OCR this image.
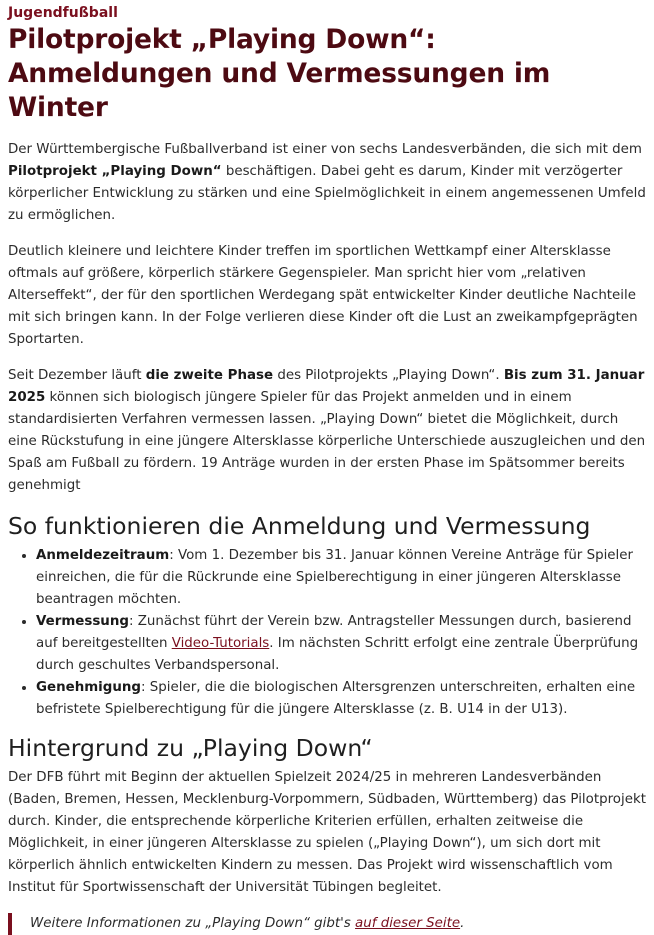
Jugendfußball
Pilotprojekt „Playing Down“: Anmeldungen und Vermessungen im Winter

Der Württembergische Fußballverband ist einer von sechs Landesverbänden, die sich mit dem Pilotprojekt „Playing Down“ beschäftigen. Dabei geht es darum, Kinder mit verzögerter körperlicher Entwicklung zu stärken und eine Spielmöglichkeit in einem angemessenen Umfeld zu ermöglichen.

Deutlich kleinere und leichtere Kinder treffen im sportlichen Wettkampf einer Altersklasse oftmals auf größere, körperlich stärkere Gegenspieler. Man spricht hier vom „relativen Alterseffekt“, der für den sportlichen Werdegang spät entwickelter Kinder deutliche Nachteile mit sich bringen kann. In der Folge verlieren diese Kinder oft die Lust an zweikampfgeprägten Sportarten.

Seit Dezember läuft die zweite Phase des Pilotprojekts „Playing Down“. Bis zum 31. Januar 2025 können sich biologisch jüngere Spieler für das Projekt anmelden und in einem standardisierten Verfahren vermessen lassen. „Playing Down“ bietet die Möglichkeit, durch eine Rückstufung in eine jüngere Altersklasse körperliche Unterschiede auszugleichen und den Spaß am Fußball zu fördern. 19 Anträge wurden in der ersten Phase im Spätsommer bereits genehmigt

So funktionieren die Anmeldung und Vermessung
• Anmeldezeitraum: Vom 1. Dezember bis 31. Januar können Vereine Anträge für Spieler einreichen, die für die Rückrunde eine Spielberechtigung in einer jüngeren Altersklasse beantragen möchten.
• Vermessung: Zunächst führt der Verein bzw. Antragsteller Messungen durch, basierend auf bereitgestellten Video-Tutorials. Im nächsten Schritt erfolgt eine zentrale Überprüfung durch geschultes Verbandspersonal.
• Genehmigung: Spieler, die die biologischen Altersgrenzen unterschreiten, erhalten eine befristete Spielberechtigung für die jüngere Altersklasse (z. B. U14 in der U13).
Hintergrund zu „Playing Down“

Der DFB führt mit Beginn der aktuellen Spielzeit 2024/25 in mehreren Landesverbänden (Baden, Bremen, Hessen, Mecklenburg-Vorpommern, Südbaden, Württemberg) das Pilotprojekt durch. Kinder, die entsprechende körperliche Kriterien erfüllen, erhalten zeitweise die Möglichkeit, in einer jüngeren Altersklasse zu spielen („Playing Down“), um sich dort mit körperlich ähnlich entwickelten Kindern zu messen. Das Projekt wird wissenschaftlich vom Institut für Sportwissenschaft der Universität Tübingen begleitet.

Weitere Informationen zu „Playing Down“ gibt's auf dieser Seite.
